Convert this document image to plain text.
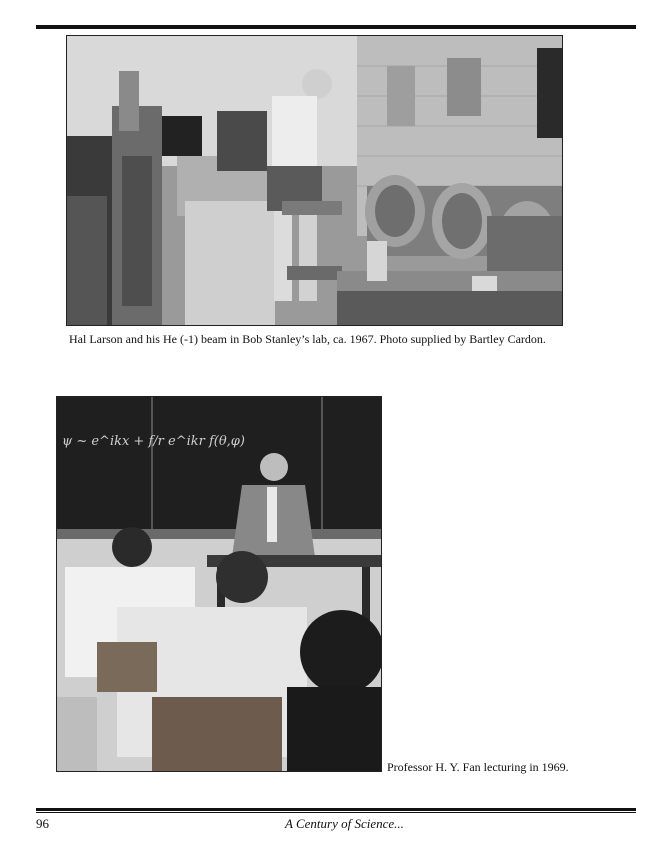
Hal Larson and his He (-1) beam in Bob Stanley’s lab, ca. 1967. Photo supplied by Bartley Cardon.
ψ ~ e^ikx + f/r e^ikr f(θ,φ)
Professor H. Y. Fan lecturing in 1969.
96	A Century of Science...
